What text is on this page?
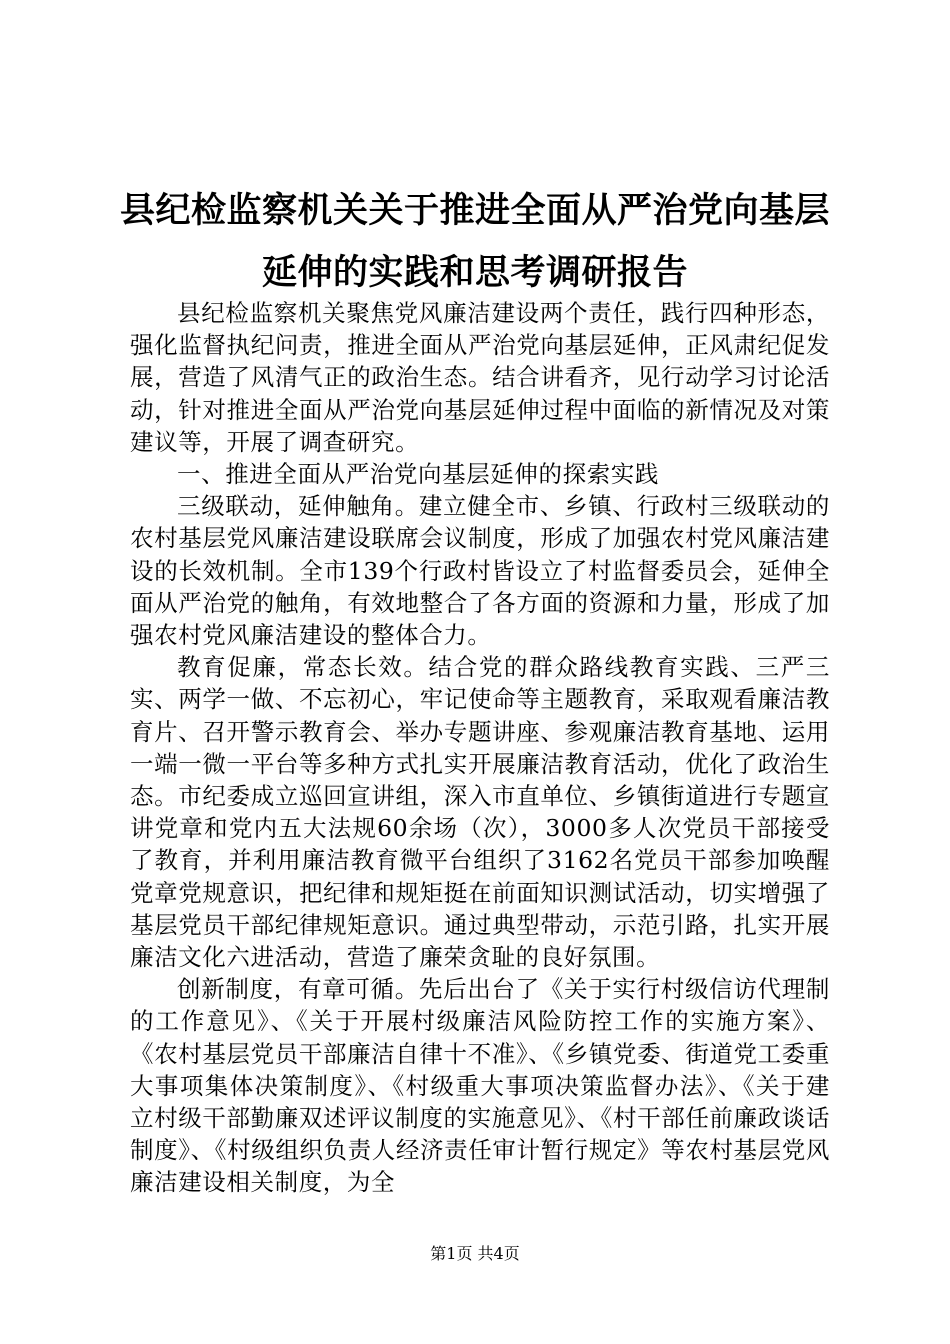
县纪检监察机关关于推进全面从严治党向基层
延伸的实践和思考调研报告

县纪检监察机关聚焦党风廉洁建设两个责任，践行四种形态，强化监督执纪问责，推进全面从严治党向基层延伸，正风肃纪促发展，营造了风清气正的政治生态。结合讲看齐，见行动学习讨论活动，针对推进全面从严治党向基层延伸过程中面临的新情况及对策建议等，开展了调查研究。

一、推进全面从严治党向基层延伸的探索实践

三级联动，延伸触角。建立健全市、乡镇、行政村三级联动的农村基层党风廉洁建设联席会议制度，形成了加强农村党风廉洁建设的长效机制。全市139个行政村皆设立了村监督委员会，延伸全面从严治党的触角，有效地整合了各方面的资源和力量，形成了加强农村党风廉洁建设的整体合力。

教育促廉，常态长效。结合党的群众路线教育实践、三严三实、两学一做、不忘初心，牢记使命等主题教育，采取观看廉洁教育片、召开警示教育会、举办专题讲座、参观廉洁教育基地、运用一端一微一平台等多种方式扎实开展廉洁教育活动，优化了政治生态。市纪委成立巡回宣讲组，深入市直单位、乡镇街道进行专题宣讲党章和党内五大法规60余场（次），3000多人次党员干部接受了教育，并利用廉洁教育微平台组织了3162名党员干部参加唤醒党章党规意识，把纪律和规矩挺在前面知识测试活动，切实增强了基层党员干部纪律规矩意识。通过典型带动，示范引路，扎实开展廉洁文化六进活动，营造了廉荣贪耻的良好氛围。

创新制度，有章可循。先后出台了《关于实行村级信访代理制的工作意见》、《关于开展村级廉洁风险防控工作的实施方案》、《农村基层党员干部廉洁自律十不准》、《乡镇党委、街道党工委重大事项集体决策制度》、《村级重大事项决策监督办法》、《关于建立村级干部勤廉双述评议制度的实施意见》、《村干部任前廉政谈话制度》、《村级组织负责人经济责任审计暂行规定》等农村基层党风廉洁建设相关制度，为全

第1页 共4页
